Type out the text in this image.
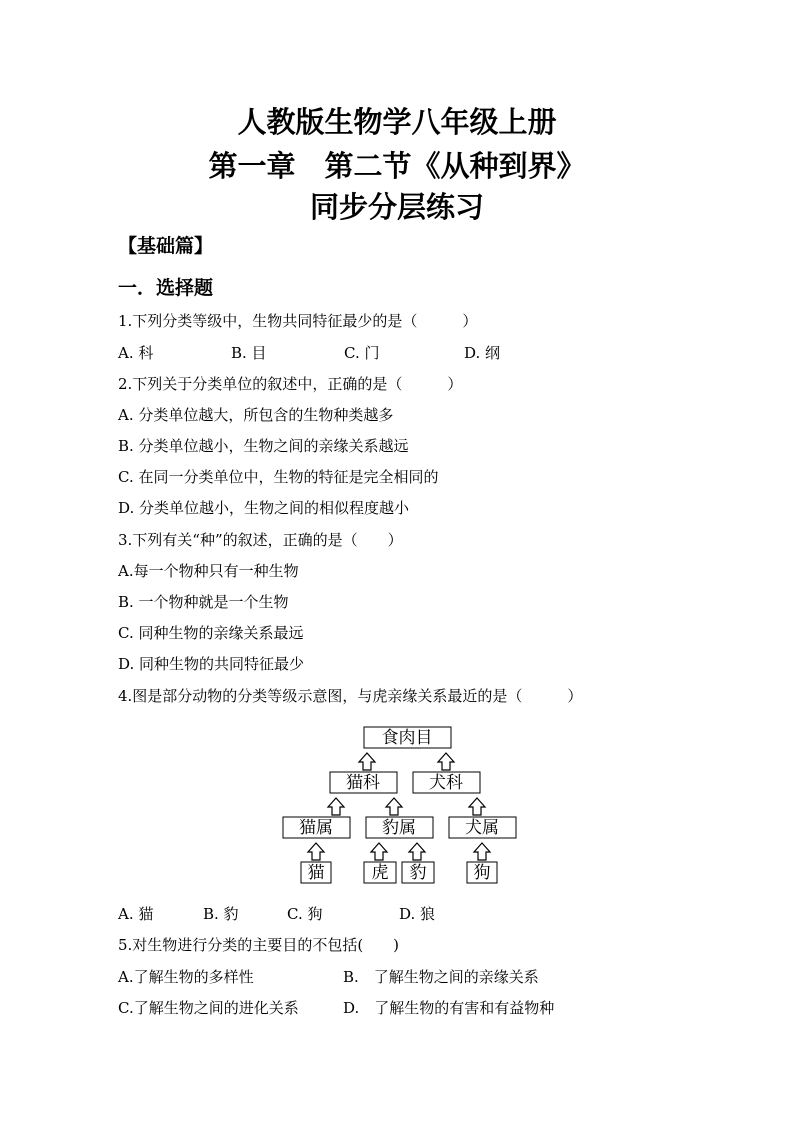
人教版生物学八年级上册
第一章　第二节《从种到界》
同步分层练习
【基础篇】
一．选择题
1.下列分类等级中，生物共同特征最少的是（　　　）
A. 科	B. 目	C. 门	D. 纲
2.下列关于分类单位的叙述中，正确的是（　　　）
A. 分类单位越大，所包含的生物种类越多
B. 分类单位越小，生物之间的亲缘关系越远
C. 在同一分类单位中，生物的特征是完全相同的
D. 分类单位越小，生物之间的相似程度越小
3.下列有关“种”的叙述，正确的是（　　）
A.每一个物种只有一种生物
B. 一个物种就是一个生物
C. 同种生物的亲缘关系最远
D. 同种生物的共同特征最少
4.图是部分动物的分类等级示意图，与虎亲缘关系最近的是（　　　）
食肉目
猫科	犬科
猫属	豹属	犬属
猫	虎 豹	狗
A. 猫	B. 豹	C. 狗	D. 狼
5.对生物进行分类的主要目的不包括(　　)
A.了解生物的多样性	B.　了解生物之间的亲缘关系
C.了解生物之间的进化关系	D.　了解生物的有害和有益物种
